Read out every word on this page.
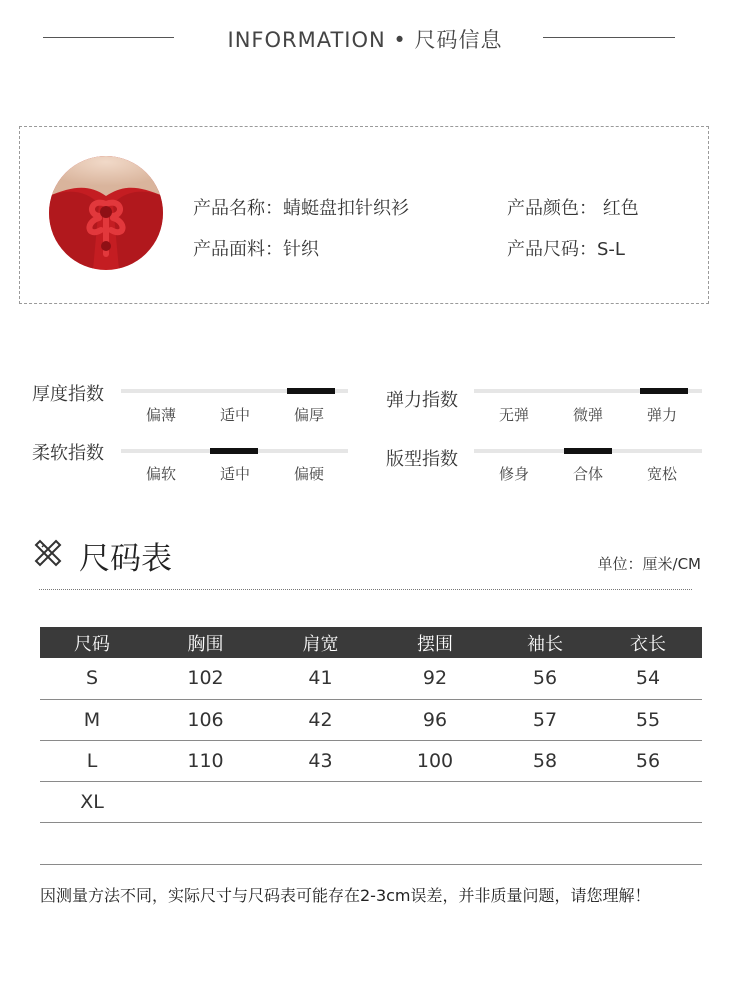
INFORMATION • 尺码信息
产品名称：蜻蜓盘扣针织衫
产品面料：针织
产品颜色： 红色
产品尺码：S-L
厚度指数
偏薄	适中	偏厚
弹力指数
无弹	微弹	弹力
柔软指数
偏软	适中	偏硬
版型指数
修身	合体	宽松
尺码表	单位：厘米/CM
尺码	胸围	肩宽	摆围	袖长	衣长
S	102	41	92	56	54
M	106	42	96	57	55
L	110	43	100	58	56
XL					
因测量方法不同，实际尺寸与尺码表可能存在2-3cm误差，并非质量问题，请您理解！
